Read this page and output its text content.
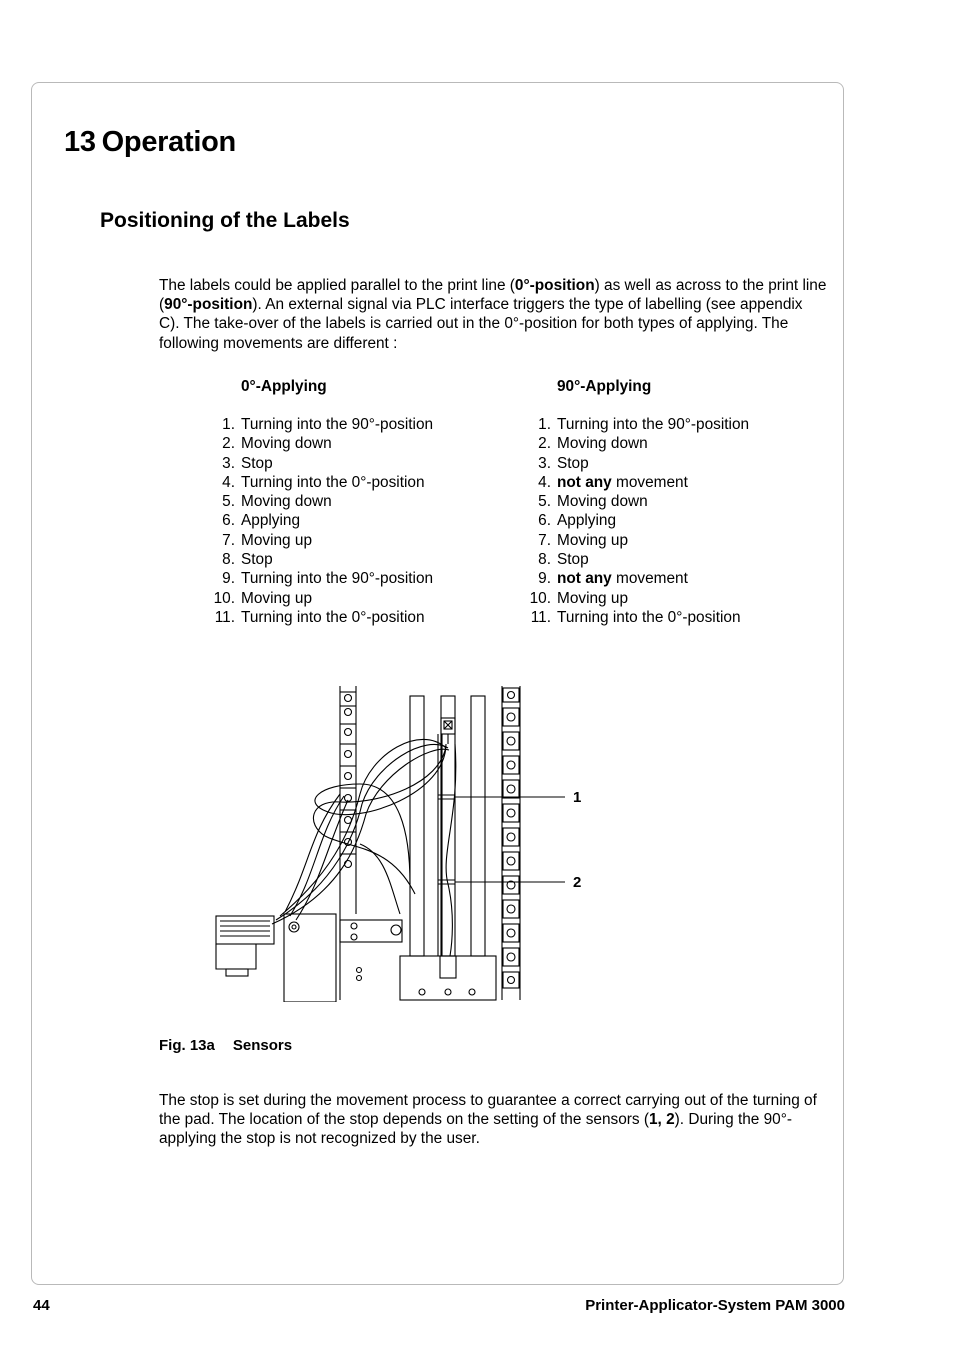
13 Operation
Positioning of the Labels

The labels could be applied parallel to the print line (0°-position) as well as across to the print line (90°-position). An external signal via PLC interface triggers the type of labelling (see appendix C). The take-over of the labels is carried out in the 0°-position for both types of applying. The following movements are different :

0°-Applying
1. Turning into the 90°-position
2. Moving down
3. Stop
4. Turning into the 0°-position
5. Moving down
6. Applying
7. Moving up
8. Stop
9. Turning into the 90°-position
10. Moving up
11. Turning into the 0°-position
90°-Applying
1. Turning into the 90°-position
2. Moving down
3. Stop
4. not any movement
5. Moving down
6. Applying
7. Moving up
8. Stop
9. not any movement
10. Moving up
11. Turning into the 0°-position
1
2

Fig. 13a Sensors

The stop is set during the movement process to guarantee a correct carrying out of the turning of the pad. The location of the stop depends on the setting of the sensors (1, 2). During the 90°-applying the stop is not recognized by the user.

44	Printer-Applicator-System PAM 3000
